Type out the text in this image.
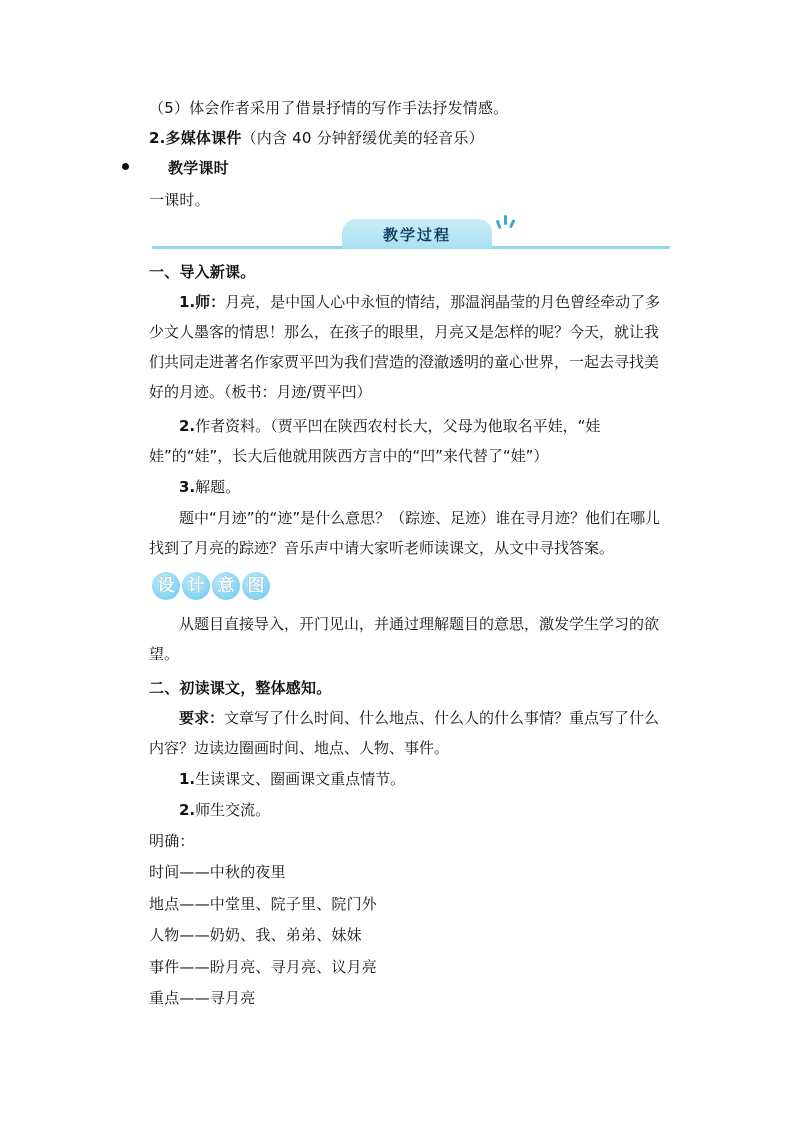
（5）体会作者采用了借景抒情的写作手法抒发情感。
2.多媒体课件（内含 40 分钟舒缓优美的轻音乐）
教学课时
一课时。
教学过程
一、导入新课。

1.师：月亮，是中国人心中永恒的情结，那温润晶莹的月色曾经牵动了多少文人墨客的情思！那么，在孩子的眼里，月亮又是怎样的呢？今天，就让我们共同走进著名作家贾平凹为我们营造的澄澈透明的童心世界，一起去寻找美好的月迹。（板书：月迹/贾平凹）

2.作者资料。（贾平凹在陕西农村长大，父母为他取名平娃，“娃娃”的“娃”，长大后他就用陕西方言中的“凹”来代替了“娃”）

3.解题。

题中“月迹”的“迹”是什么意思？（踪迹、足迹）谁在寻月迹？他们在哪儿找到了月亮的踪迹？音乐声中请大家听老师读课文，从文中寻找答案。

设 计 意 图

从题目直接导入，开门见山，并通过理解题目的意思，激发学生学习的欲望。

二、初读课文，整体感知。

要求：文章写了什么时间、什么地点、什么人的什么事情？重点写了什么内容？边读边圈画时间、地点、人物、事件。

1.生读课文、圈画课文重点情节。

2.师生交流。

明确：
时间——中秋的夜里
地点——中堂里、院子里、院门外
人物——奶奶、我、弟弟、妹妹
事件——盼月亮、寻月亮、议月亮
重点——寻月亮
